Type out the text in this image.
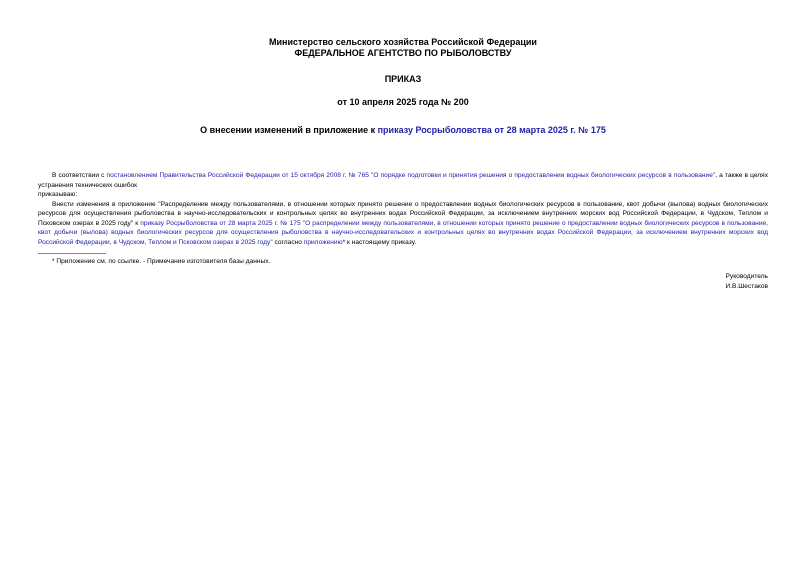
Министерство сельского хозяйства Российской Федерации
ФЕДЕРАЛЬНОЕ АГЕНТСТВО ПО РЫБОЛОВСТВУ
ПРИКАЗ
от 10 апреля 2025 года № 200
О внесении изменений в приложение к приказу Росрыболовства от 28 марта 2025 г. № 175

В соответствии с постановлением Правительства Российской Федерации от 15 октября 2008 г. № 765 "О порядке подготовки и принятия решения о предоставлении водных биологических ресурсов в пользование", а также в целях устранения технических ошибок

приказываю:

Внести изменения в приложение "Распределение между пользователями, в отношении которых принято решение о предоставлении водных биологических ресурсов в пользование, квот добычи (вылова) водных биологических ресурсов для осуществления рыболовства в научно-исследовательских и контрольных целях во внутренних водах Российской Федерации, за исключением внутренних морских вод Российской Федерации, в Чудском, Теплом и Псковском озерах в 2025 году" к приказу Росрыболовства от 28 марта 2025 г. № 175 "О распределении между пользователями, в отношении которых принято решение о предоставлении водных биологических ресурсов в пользование, квот добычи (вылова) водных биологических ресурсов для осуществления рыболовства в научно-исследовательских и контрольных целях во внутренних водах Российской Федерации, за исключением внутренних морских вод Российской Федерации, в Чудском, Теплом и Псковском озерах в 2025 году" согласно приложению* к настоящему приказу.

* Приложение см. по ссылке. - Примечание изготовителя базы данных.

Руководитель
И.В.Шестаков
